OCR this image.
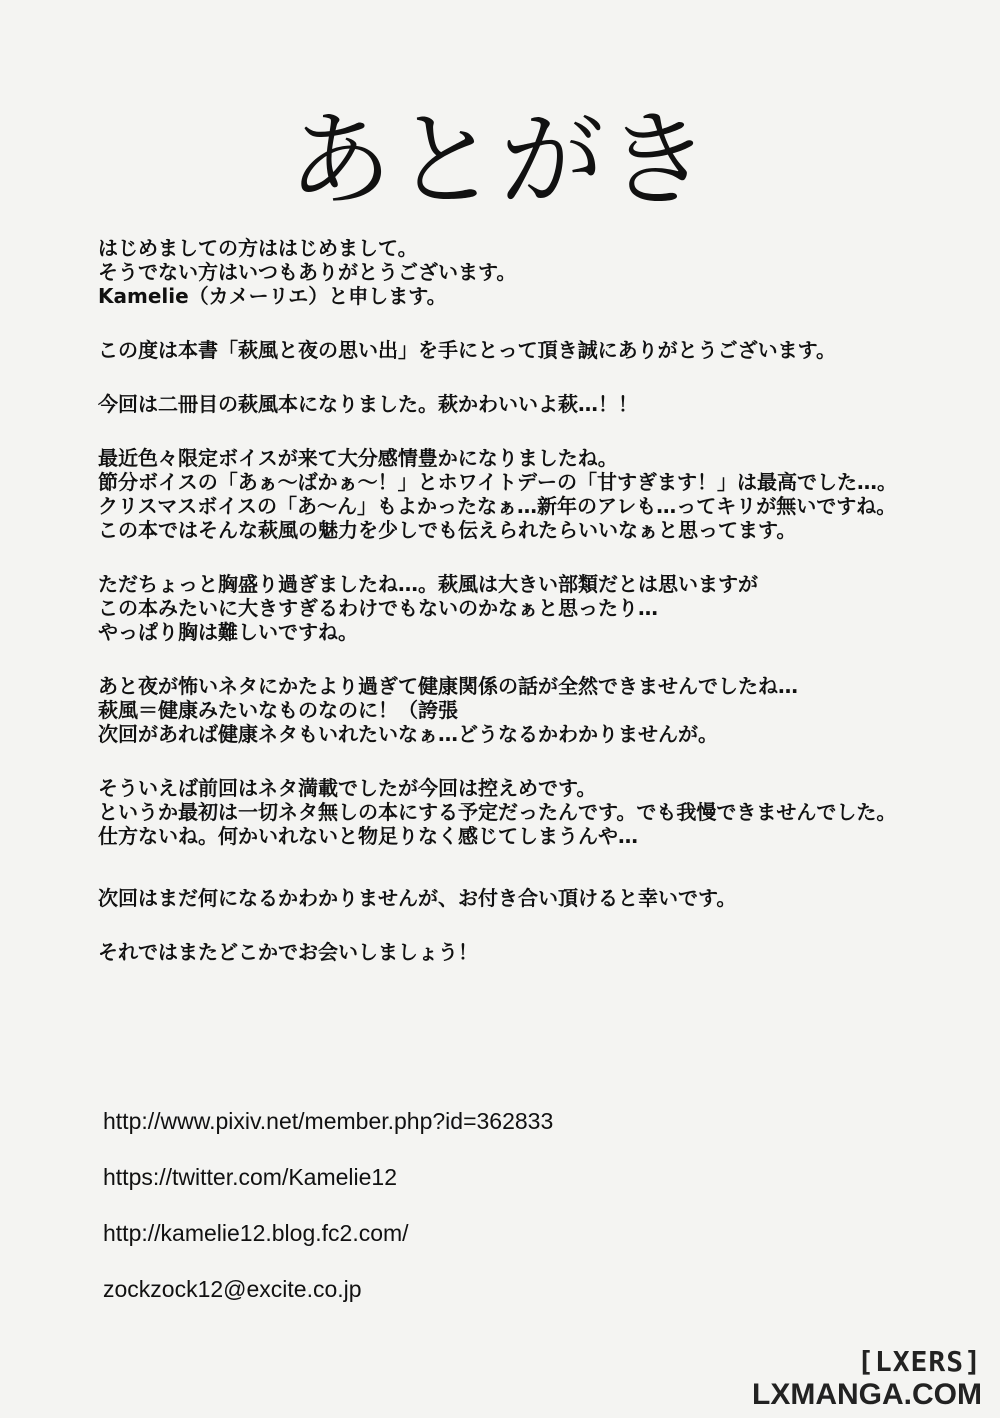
あとがき
はじめましての方ははじめまして。
そうでない方はいつもありがとうございます。
Kamelie（カメーリエ）と申します。
この度は本書「萩風と夜の思い出」を手にとって頂き誠にありがとうございます。
今回は二冊目の萩風本になりました。萩かわいいよ萩…！！
最近色々限定ボイスが来て大分感情豊かになりましたね。
節分ボイスの「あぁ～ばかぁ～！」とホワイトデーの「甘すぎます！」は最高でした…。
クリスマスボイスの「あ～ん」もよかったなぁ…新年のアレも…ってキリが無いですね。
この本ではそんな萩風の魅力を少しでも伝えられたらいいなぁと思ってます。
ただちょっと胸盛り過ぎましたね…。萩風は大きい部類だとは思いますが
この本みたいに大きすぎるわけでもないのかなぁと思ったり…
やっぱり胸は難しいですね。
あと夜が怖いネタにかたより過ぎて健康関係の話が全然できませんでしたね…
萩風＝健康みたいなものなのに！（誇張
次回があれば健康ネタもいれたいなぁ…どうなるかわかりませんが。
そういえば前回はネタ満載でしたが今回は控えめです。
というか最初は一切ネタ無しの本にする予定だったんです。でも我慢できませんでした。
仕方ないね。何かいれないと物足りなく感じてしまうんや…
次回はまだ何になるかわかりませんが、お付き合い頂けると幸いです。
それではまたどこかでお会いしましょう！
http://www.pixiv.net/member.php?id=362833
https://twitter.com/Kamelie12
http://kamelie12.blog.fc2.com/
zockzock12@excite.co.jp
[LXERS]
LXMANGA.COM
